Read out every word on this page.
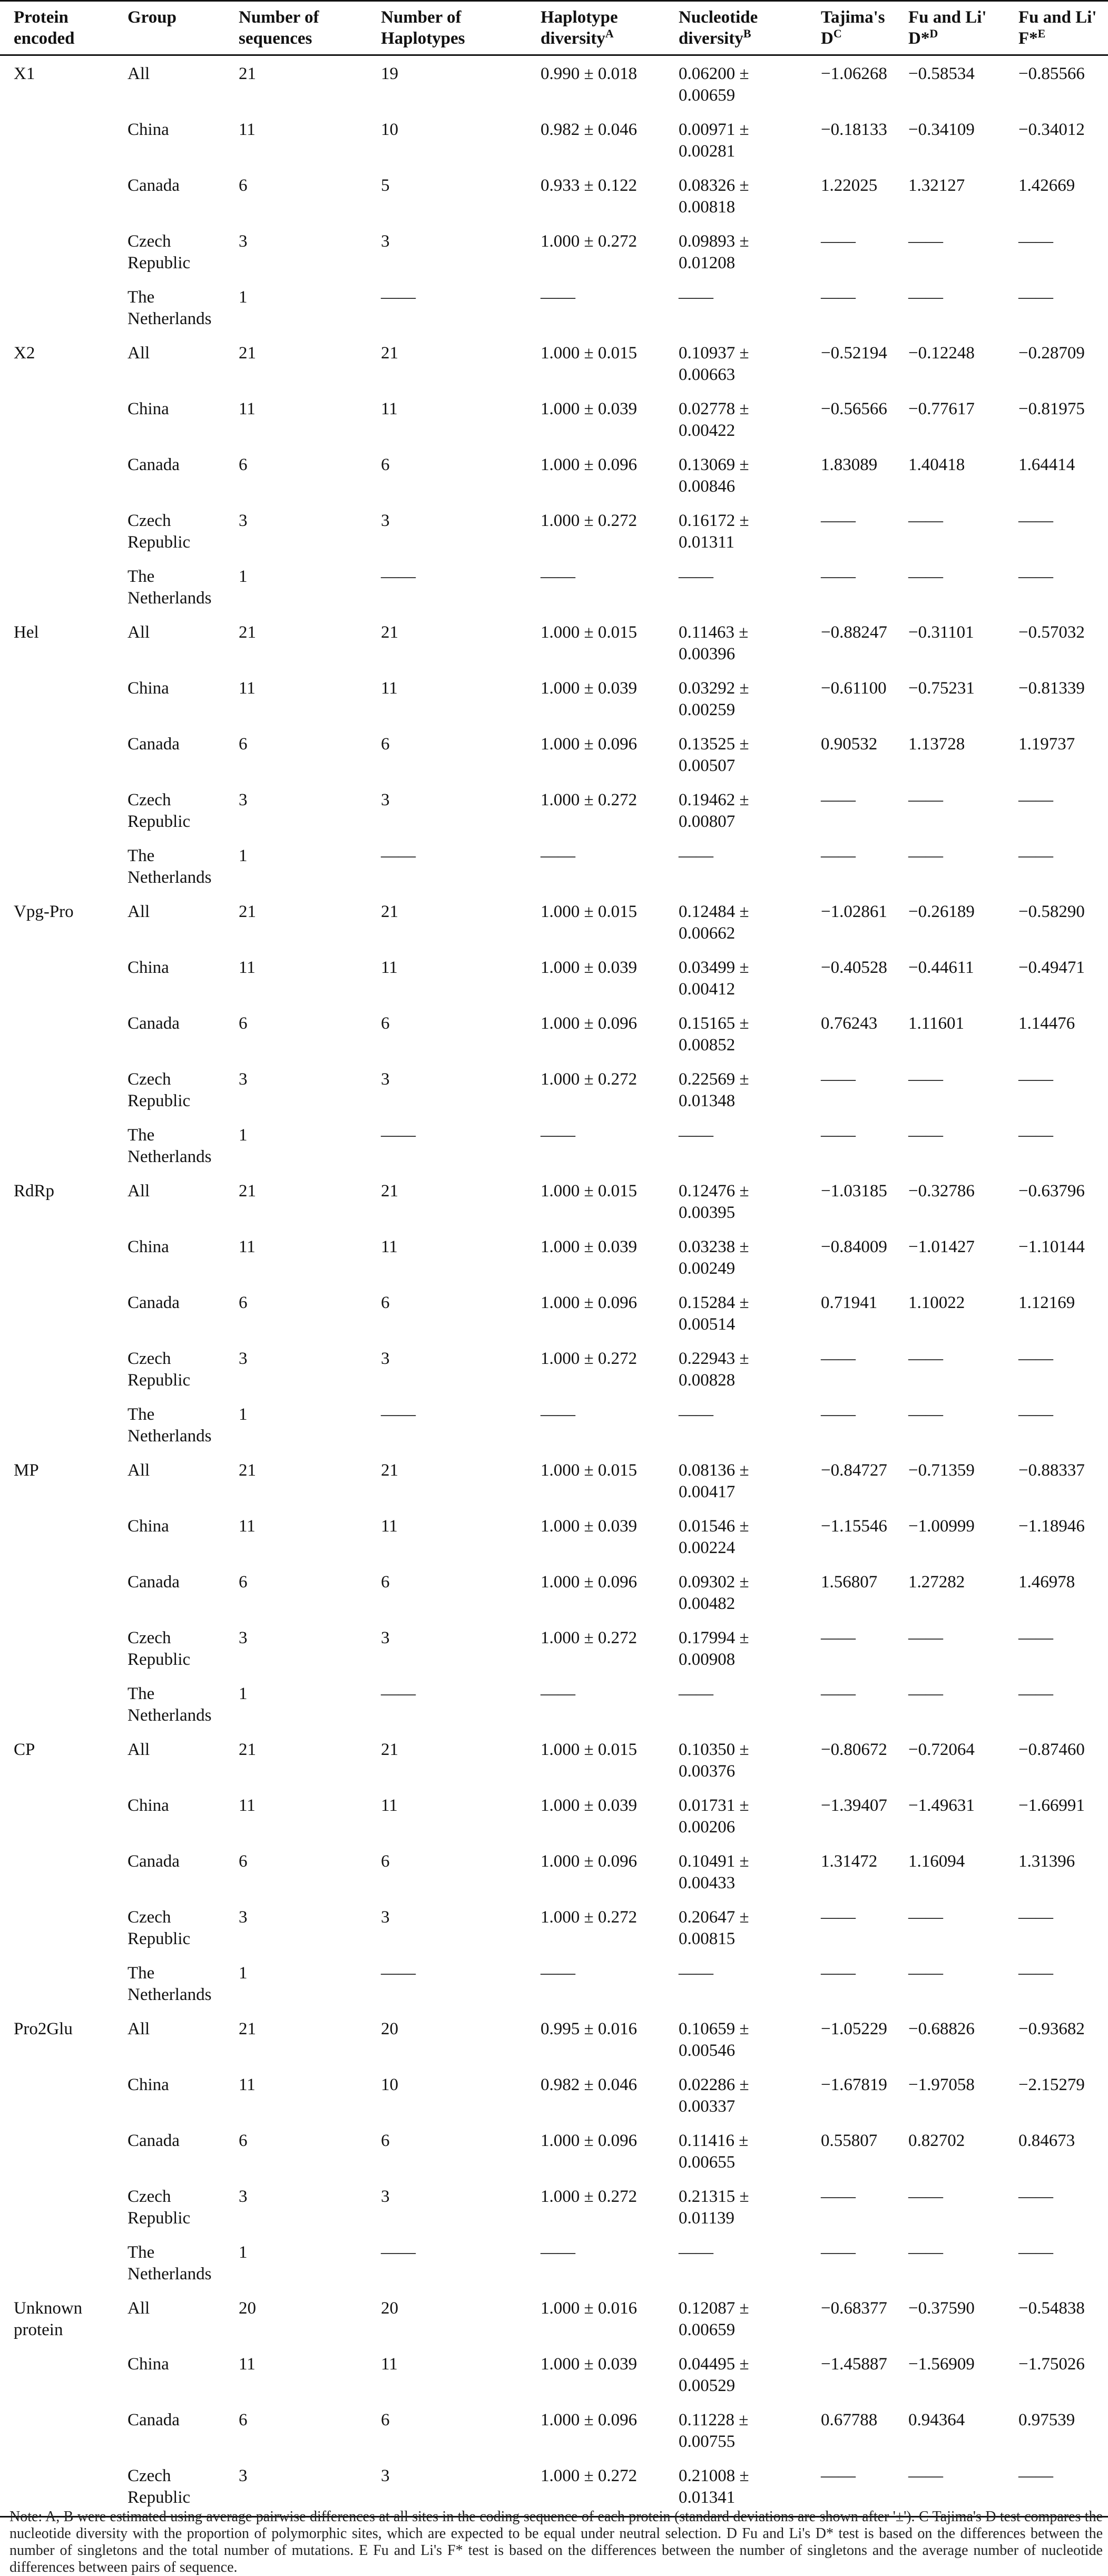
Protein encoded	Group	Number of sequences	Number of Haplotypes	Haplotype diversity$^A$	Nucleotide diversity$^B$	Tajima's $D^C$	Fu and Li' D*$^D$	Fu and Li' F*$^E$
X1	All	21	19	0.990 ± 0.018	0.06200 ± 0.00659	−1.06268	−0.58534	−0.85566
	China	11	10	0.982 ± 0.046	0.00971 ± 0.00281	−0.18133	−0.34109	−0.34012
	Canada	6	5	0.933 ± 0.122	0.08326 ± 0.00818	1.22025	1.32127	1.42669
	Czech Republic	3	3	1.000 ± 0.272	0.09893 ± 0.01208	——	——	——
	The Netherlands	1	——	——	——	——	——	——
X2	All	21	21	1.000 ± 0.015	0.10937 ± 0.00663	−0.52194	−0.12248	−0.28709
	China	11	11	1.000 ± 0.039	0.02778 ± 0.00422	−0.56566	−0.77617	−0.81975
	Canada	6	6	1.000 ± 0.096	0.13069 ± 0.00846	1.83089	1.40418	1.64414
	Czech Republic	3	3	1.000 ± 0.272	0.16172 ± 0.01311	——	——	——
	The Netherlands	1	——	——	——	——	——	——
Hel	All	21	21	1.000 ± 0.015	0.11463 ± 0.00396	−0.88247	−0.31101	−0.57032
	China	11	11	1.000 ± 0.039	0.03292 ± 0.00259	−0.61100	−0.75231	−0.81339
	Canada	6	6	1.000 ± 0.096	0.13525 ± 0.00507	0.90532	1.13728	1.19737
	Czech Republic	3	3	1.000 ± 0.272	0.19462 ± 0.00807	——	——	——
	The Netherlands	1	——	——	——	——	——	——
Vpg-Pro	All	21	21	1.000 ± 0.015	0.12484 ± 0.00662	−1.02861	−0.26189	−0.58290
	China	11	11	1.000 ± 0.039	0.03499 ± 0.00412	−0.40528	−0.44611	−0.49471
	Canada	6	6	1.000 ± 0.096	0.15165 ± 0.00852	0.76243	1.11601	1.14476
	Czech Republic	3	3	1.000 ± 0.272	0.22569 ± 0.01348	——	——	——
	The Netherlands	1	——	——	——	——	——	——
RdRp	All	21	21	1.000 ± 0.015	0.12476 ± 0.00395	−1.03185	−0.32786	−0.63796
	China	11	11	1.000 ± 0.039	0.03238 ± 0.00249	−0.84009	−1.01427	−1.10144
	Canada	6	6	1.000 ± 0.096	0.15284 ± 0.00514	0.71941	1.10022	1.12169
	Czech Republic	3	3	1.000 ± 0.272	0.22943 ± 0.00828	——	——	——
	The Netherlands	1	——	——	——	——	——	——
MP	All	21	21	1.000 ± 0.015	0.08136 ± 0.00417	−0.84727	−0.71359	−0.88337
	China	11	11	1.000 ± 0.039	0.01546 ± 0.00224	−1.15546	−1.00999	−1.18946
	Canada	6	6	1.000 ± 0.096	0.09302 ± 0.00482	1.56807	1.27282	1.46978
	Czech Republic	3	3	1.000 ± 0.272	0.17994 ± 0.00908	——	——	——
	The Netherlands	1	——	——	——	——	——	——
CP	All	21	21	1.000 ± 0.015	0.10350 ± 0.00376	−0.80672	−0.72064	−0.87460
	China	11	11	1.000 ± 0.039	0.01731 ± 0.00206	−1.39407	−1.49631	−1.66991
	Canada	6	6	1.000 ± 0.096	0.10491 ± 0.00433	1.31472	1.16094	1.31396
	Czech Republic	3	3	1.000 ± 0.272	0.20647 ± 0.00815	——	——	——
	The Netherlands	1	——	——	——	——	——	——
Pro2Glu	All	21	20	0.995 ± 0.016	0.10659 ± 0.00546	−1.05229	−0.68826	−0.93682
	China	11	10	0.982 ± 0.046	0.02286 ± 0.00337	−1.67819	−1.97058	−2.15279
	Canada	6	6	1.000 ± 0.096	0.11416 ± 0.00655	0.55807	0.82702	0.84673
	Czech Republic	3	3	1.000 ± 0.272	0.21315 ± 0.01139	——	——	——
	The Netherlands	1	——	——	——	——	——	——
Unknown protein	All	20	20	1.000 ± 0.016	0.12087 ± 0.00659	−0.68377	−0.37590	−0.54838
	China	11	11	1.000 ± 0.039	0.04495 ± 0.00529	−1.45887	−1.56909	−1.75026
	Canada	6	6	1.000 ± 0.096	0.11228 ± 0.00755	0.67788	0.94364	0.97539
	Czech Republic	3	3	1.000 ± 0.272	0.21008 ± 0.01341	——	——	——
Note: A, B were estimated using average pairwise differences at all sites in the coding sequence of each protein (standard deviations are shown after '±'). C Tajima's D test compares the nucleotide diversity with the proportion of polymorphic sites, which are expected to be equal under neutral selection. D Fu and Li's D* test is based on the differences between the number of singletons and the total number of mutations. E Fu and Li's F* test is based on the differences between the number of singletons and the average number of nucleotide differences between pairs of sequence.
